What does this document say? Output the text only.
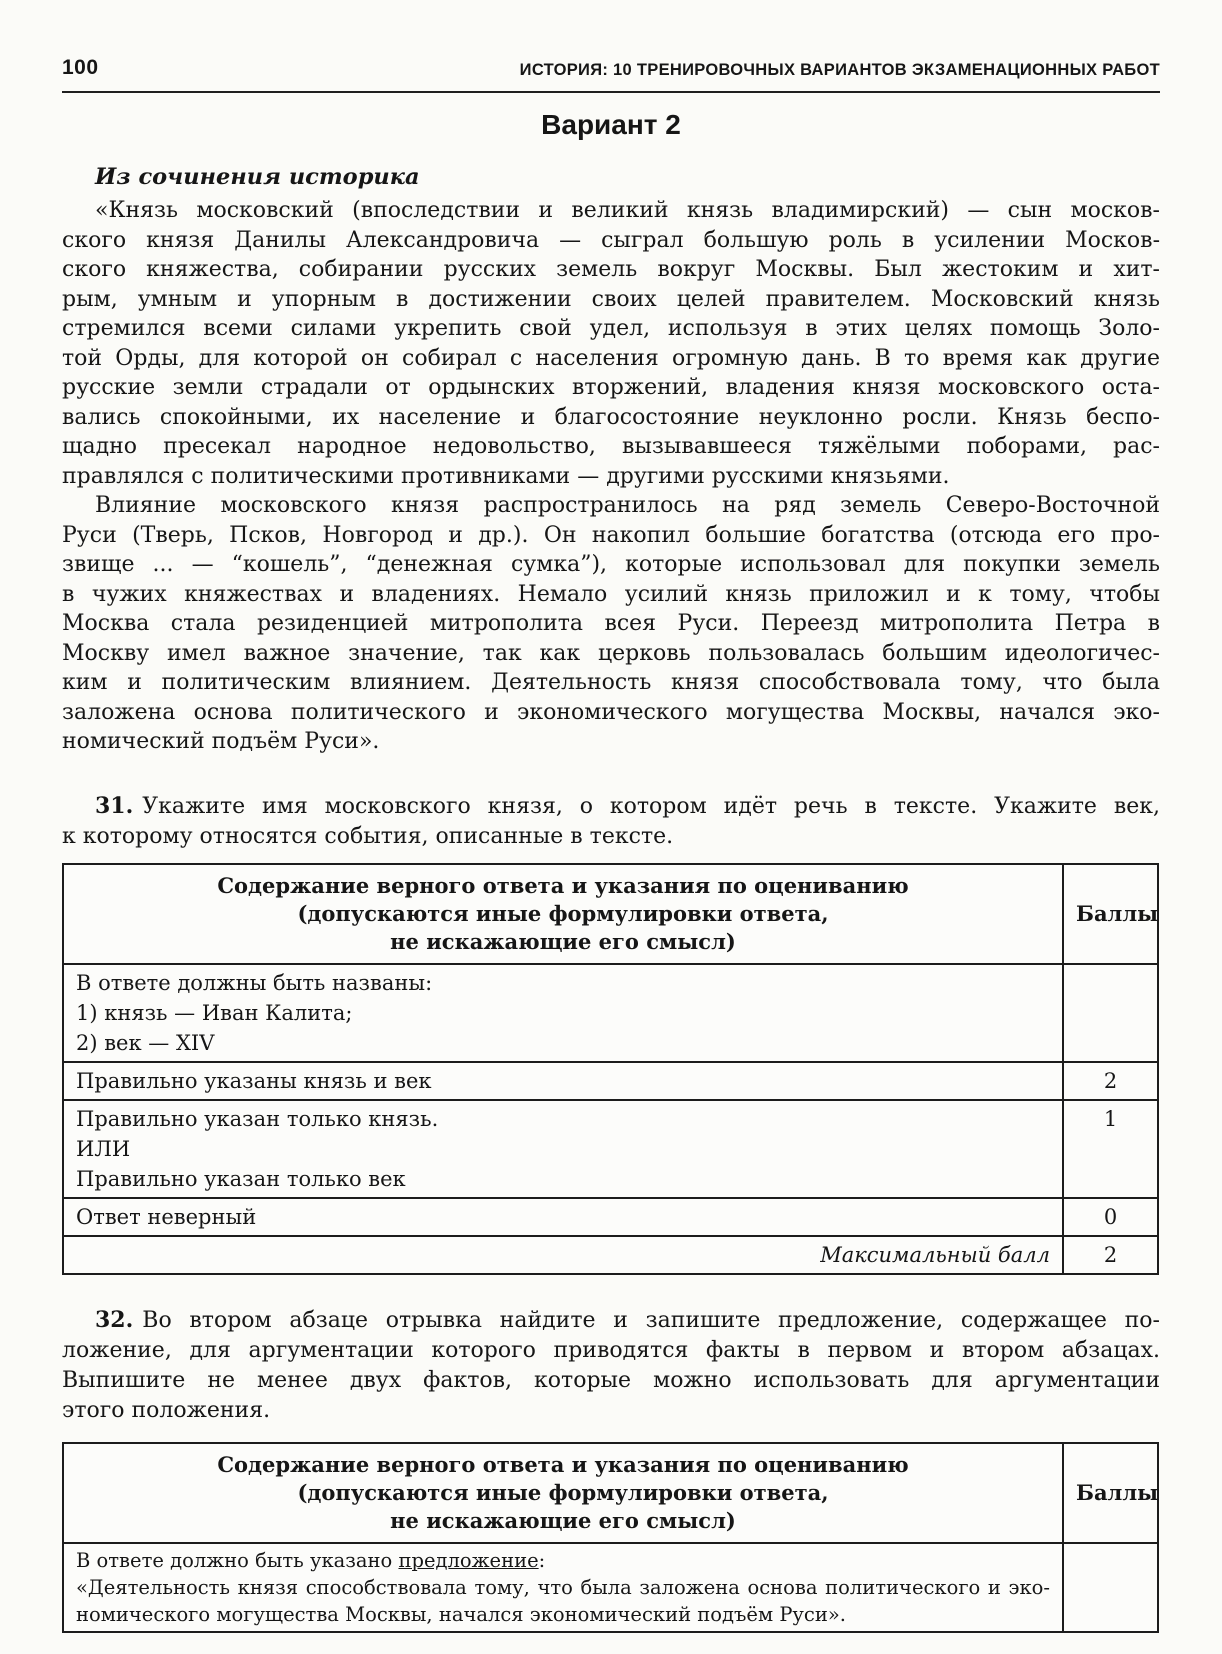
100	ИСТОРИЯ: 10 ТРЕНИРОВОЧНЫХ ВАРИАНТОВ ЭКЗАМЕНАЦИОННЫХ РАБОТ
Вариант 2
Из сочинения историка
«Князь московский (впоследствии и великий князь владимирский) — сын москов-
ского князя Данилы Александровича — сыграл большую роль в усилении Москов-
ского княжества, собирании русских земель вокруг Москвы. Был жестоким и хит-
рым, умным и упорным в достижении своих целей правителем. Московский князь
стремился всеми силами укрепить свой удел, используя в этих целях помощь Золо-
той Орды, для которой он собирал с населения огромную дань. В то время как другие
русские земли страдали от ордынских вторжений, владения князя московского оста-
вались спокойными, их население и благосостояние неуклонно росли. Князь беспо-
щадно пресекал народное недовольство, вызывавшееся тяжёлыми поборами, рас-
правлялся с политическими противниками — другими русскими князьями.
Влияние московского князя распространилось на ряд земель Северо-Восточной
Руси (Тверь, Псков, Новгород и др.). Он накопил большие богатства (отсюда его про-
звище ... — “кошель”, “денежная сумка”), которые использовал для покупки земель
в чужих княжествах и владениях. Немало усилий князь приложил и к тому, чтобы
Москва стала резиденцией митрополита всея Руси. Переезд митрополита Петра в
Москву имел важное значение, так как церковь пользовалась большим идеологичес-
ким и политическим влиянием. Деятельность князя способствовала тому, что была
заложена основа политического и экономического могущества Москвы, начался эко-
номический подъём Руси».
31. Укажите имя московского князя, о котором идёт речь в тексте. Укажите век,
к которому относятся события, описанные в тексте.
Содержание верного ответа и указания по оцениванию
(допускаются иные формулировки ответа,
не искажающие его смысл)	Баллы

В ответе должны быть названы:
1) князь — Иван Калита;
2) век — XIV	

Правильно указаны князь и век	2

Правильно указан только князь.
ИЛИ
Правильно указан только век	1

Ответ неверный	0
Максимальный балл	2
32. Во втором абзаце отрывка найдите и запишите предложение, содержащее по-
ложение, для аргументации которого приводятся факты в первом и втором абзацах.
Выпишите не менее двух фактов, которые можно использовать для аргументации
этого положения.
Содержание верного ответа и указания по оцениванию
(допускаются иные формулировки ответа,
не искажающие его смысл)	Баллы

В ответе должно быть указано предложение:
«Деятельность князя способствовала тому, что была заложена основа политического и эко-
номического могущества Москвы, начался экономический подъём Руси».	
